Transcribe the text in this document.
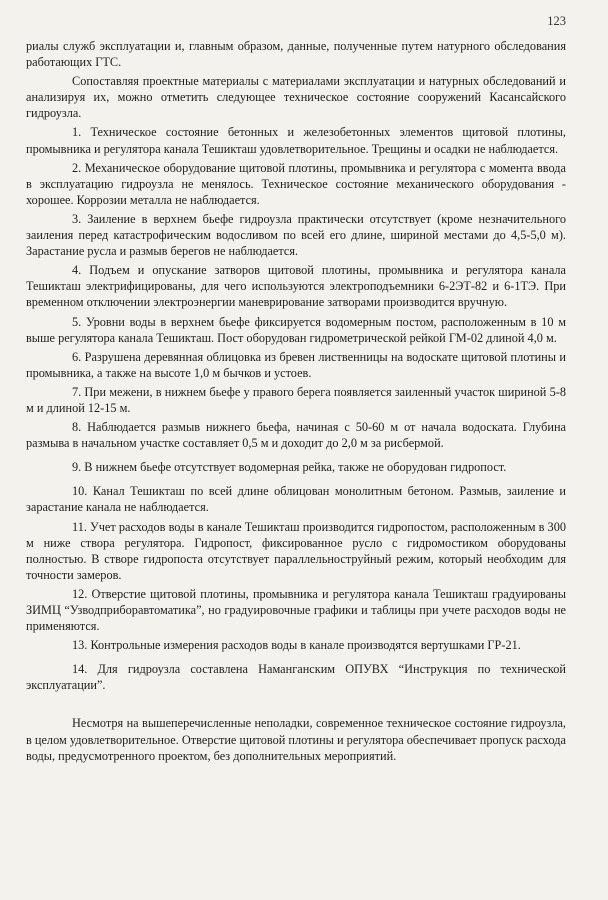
123

риалы служб эксплуатации и, главным образом, данные, полученные путем натурного обследования работающих ГТС.

Сопоставляя проектные материалы с материалами эксплуатации и натурных обследований и анализируя их, можно отметить следующее техническое состояние сооружений Касансайского гидроузла.

1. Техническое состояние бетонных и железобетонных элементов щитовой плотины, промывника и регулятора канала Тешикташ удовлетворительное. Трещины и осадки не наблюдается.

2. Механическое оборудование щитовой плотины, промывника и регулятора с момента ввода в эксплуатацию гидроузла не менялось. Техническое состояние механического оборудования - хорошее. Коррозии металла не наблюдается.

3. Заиление в верхнем бьефе гидроузла практически отсутствует (кроме незначительного заиления перед катастрофическим водосливом по всей его длине, шириной местами до 4,5-5,0 м). Зарастание русла и размыв берегов не наблюдается.

4. Подъем и опускание затворов щитовой плотины, промывника и регулятора канала Тешикташ электрифицированы, для чего используются электроподъемники 6-2ЭТ-82 и 6-1ТЭ. При временном отключении электроэнергии маневрирование затворами производится вручную.

5. Уровни воды в верхнем бьефе фиксируется водомерным постом, расположенным в 10 м выше регулятора канала Тешикташ. Пост оборудован гидрометрической рейкой ГМ-02 длиной 4,0 м.

6. Разрушена деревянная облицовка из бревен лиственницы на водоскате щитовой плотины и промывника, а также на высоте 1,0 м бычков и устоев.

7. При межени, в нижнем бьефе у правого берега появляется заиленный участок шириной 5-8 м и длиной 12-15 м.

8. Наблюдается размыв нижнего бьефа, начиная с 50-60 м от начала водоската. Глубина размыва в начальном участке составляет 0,5 м и доходит до 2,0 м за рисбермой.

9. В нижнем бьефе отсутствует водомерная рейка, также не оборудован гидропост.

10. Канал Тешикташ по всей длине облицован монолитным бетоном. Размыв, заиление и зарастание канала не наблюдается.

11. Учет расходов воды в канале Тешикташ производится гидропостом, расположенным в 300 м ниже створа регулятора. Гидропост, фиксированное русло с гидромостиком оборудованы полностью. В створе гидропоста отсутствует параллельноструйный режим, который необходим для точности замеров.

12. Отверстие щитовой плотины, промывника и регулятора канала Тешикташ градуированы ЗИМЦ “Узводприборавтоматика”, но градуировочные графики и таблицы при учете расходов воды не применяются.

13. Контрольные измерения расходов воды в канале производятся вертушками ГР-21.

14. Для гидроузла составлена Наманганским ОПУВХ “Инструкция по технической эксплуатации”.

Несмотря на вышеперечисленные неполадки, современное техническое состояние гидроузла, в целом удовлетворительное. Отверстие щитовой плотины и регулятора обеспечивает пропуск расхода воды, предусмотренного проектом, без дополнительных мероприятий.
